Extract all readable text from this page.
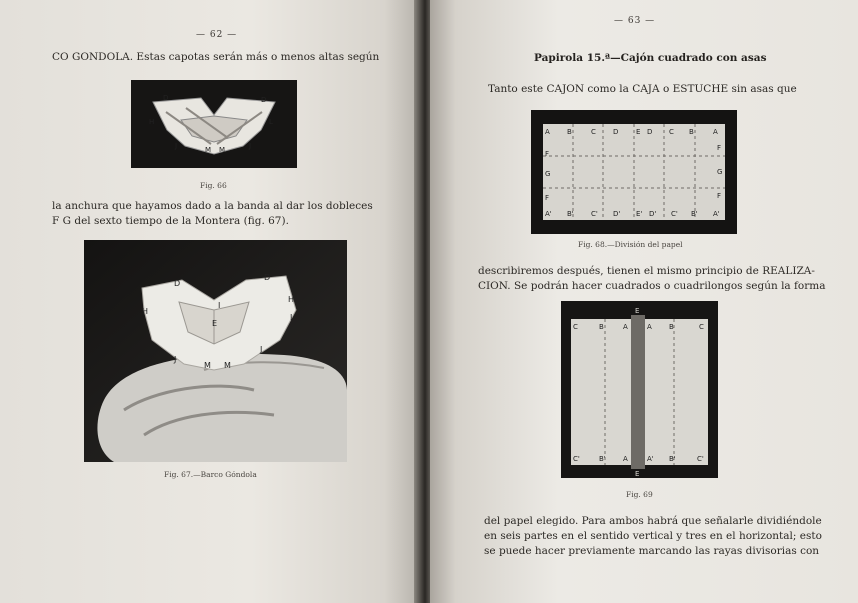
— 62 —
CO GONDOLA. Estas capotas serán más o menos altas según
D	D
H	L
J	M M	J
Fig. 66
la anchura que hayamos dado a la banda al dar los dobleces
F G del sexto tiempo de la Montera (fig. 67).
D
D
H
H
L
E
I
J
M M
J
Fig. 67.—Barco Góndola
— 63 —
Papirola 15.ª—Cajón cuadrado con asas
Tanto este CAJON como la CAJA o ESTUCHE sin asas que
A B	C D	E D C B	A
A' B' C' D' E' D' C' B' A'
F
G
F
F
G
F
Fig. 68.—División del papel
describiremos después, tienen el mismo principio de REALIZA-
CION. Se podrán hacer cuadrados o cuadrilongos según la forma
C	B	A	A B	C
C'	B' A	A' B'	C'
E
E
Fig. 69
del papel elegido. Para ambos habrá que señalarle dividiéndole
en seis partes en el sentido vertical y tres en el horizontal; esto
se puede hacer previamente marcando las rayas divisorias con
